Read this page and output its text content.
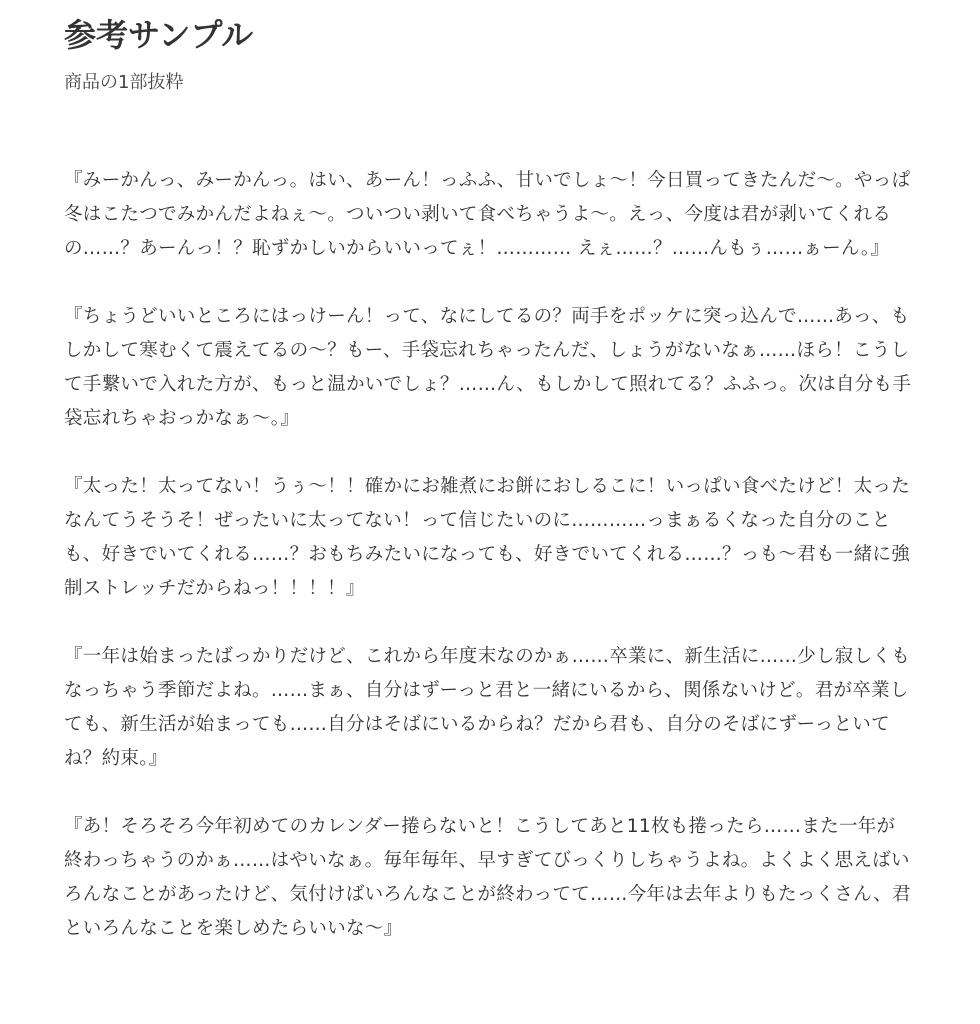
参考サンプル

商品の1部抜粋

『みーかんっ、みーかんっ。はい、あーん！っふふ、甘いでしょ〜！今日買ってきたんだ〜。やっぱ冬はこたつでみかんだよねぇ〜。ついつい剥いて食べちゃうよ〜。えっ、今度は君が剥いてくれるの……？あーんっ！？恥ずかしいからいいってぇ！………… えぇ……？……んもぅ……ぁーん。』

『ちょうどいいところにはっけーん！って、なにしてるの？両手をポッケに突っ込んで……あっ、もしかして寒むくて震えてるの〜？もー、手袋忘れちゃったんだ、しょうがないなぁ……ほら！こうして手繋いで入れた方が、もっと温かいでしょ？……ん、もしかして照れてる？ふふっ。次は自分も手袋忘れちゃおっかなぁ〜。』

『太った！太ってない！うぅ〜！！確かにお雑煮にお餅におしるこに！いっぱい食べたけど！太ったなんてうそうそ！ぜったいに太ってない！って信じたいのに…………っまぁるくなった自分のことも、好きでいてくれる……？おもちみたいになっても、好きでいてくれる……？っも〜君も一緒に強制ストレッチだからねっ！！！！』

『一年は始まったばっかりだけど、これから年度末なのかぁ……卒業に、新生活に……少し寂しくもなっちゃう季節だよね。……まぁ、自分はずーっと君と一緒にいるから、関係ないけど。君が卒業しても、新生活が始まっても……自分はそばにいるからね？だから君も、自分のそばにずーっといてね？約束。』

『あ！そろそろ今年初めてのカレンダー捲らないと！こうしてあと11枚も捲ったら……また一年が終わっちゃうのかぁ……はやいなぁ。毎年毎年、早すぎてびっくりしちゃうよね。よくよく思えばいろんなことがあったけど、気付けばいろんなことが終わってて……今年は去年よりもたっくさん、君といろんなことを楽しめたらいいな〜』
